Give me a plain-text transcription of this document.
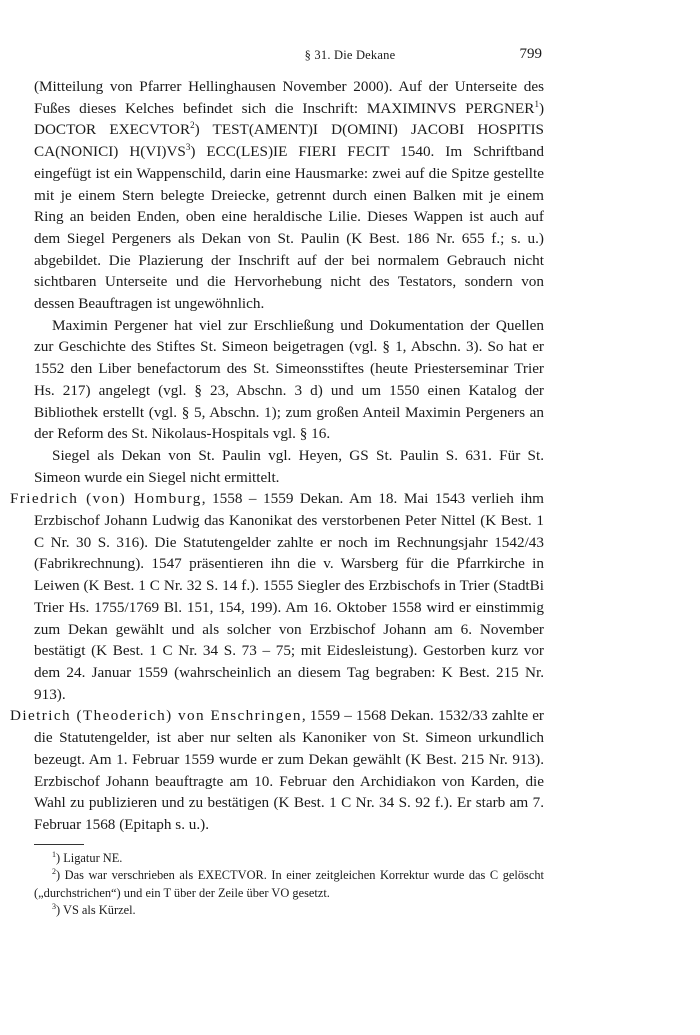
§ 31. Die Dekane	799

(Mitteilung von Pfarrer Hellinghausen November 2000). Auf der Unterseite des Fußes dieses Kelches befindet sich die Inschrift: MAXIMINVS PERGNER$^1$) DOCTOR EXECVTOR$^2$) TEST(AMENT)I D(OMINI) JACOBI HOSPITIS CA(NONICI) $H(VI)VS^3$) ECC(LES)IE FIERI FECIT 1540. Im Schriftband eingefügt ist ein Wappenschild, darin eine Hausmarke: zwei auf die Spitze gestellte mit je einem Stern belegte Dreiecke, getrennt durch einen Balken mit je einem Ring an beiden Enden, oben eine heraldische Lilie. Dieses Wappen ist auch auf dem Siegel Pergeners als Dekan von St. Paulin (K Best. 186 Nr. 655 f.; s. u.) abgebildet. Die Plazierung der Inschrift auf der bei normalem Gebrauch nicht sichtbaren Unterseite und die Hervorhebung nicht des Testators, sondern von dessen Beauftragen ist ungewöhnlich.

Maximin Pergener hat viel zur Erschließung und Dokumentation der Quellen zur Geschichte des Stiftes St. Simeon beigetragen (vgl. § 1, Abschn. 3). So hat er 1552 den Liber benefactorum des St. Simeonsstiftes (heute Priesterseminar Trier Hs. 217) angelegt (vgl. § 23, Abschn. 3 d) und um 1550 einen Katalog der Bibliothek erstellt (vgl. § 5, Abschn. 1); zum großen Anteil Maximin Pergeners an der Reform des St. Nikolaus-Hospitals vgl. § 16.

Siegel als Dekan von St. Paulin vgl. Heyen, GS St. Paulin S. 631. Für St. Simeon wurde ein Siegel nicht ermittelt.

Friedrich (von) Homburg, 1558 – 1559 Dekan. Am 18. Mai 1543 verlieh ihm Erzbischof Johann Ludwig das Kanonikat des verstorbenen Peter Nittel (K Best. 1 C Nr. 30 S. 316). Die Statutengelder zahlte er noch im Rechnungsjahr 1542/43 (Fabrikrechnung). 1547 präsentieren ihn die v. Warsberg für die Pfarrkirche in Leiwen (K Best. 1 C Nr. 32 S. 14 f.). 1555 Siegler des Erzbischofs in Trier (StadtBi Trier Hs. 1755/1769 Bl. 151, 154, 199). Am 16. Oktober 1558 wird er einstimmig zum Dekan gewählt und als solcher von Erzbischof Johann am 6. November bestätigt (K Best. 1 C Nr. 34 S. 73 – 75; mit Eidesleistung). Gestorben kurz vor dem 24. Januar 1559 (wahrscheinlich an diesem Tag begraben: K Best. 215 Nr. 913).

Dietrich (Theoderich) von Enschringen, 1559 – 1568 Dekan. 1532/33 zahlte er die Statutengelder, ist aber nur selten als Kanoniker von St. Simeon urkundlich bezeugt. Am 1. Februar 1559 wurde er zum Dekan gewählt (K Best. 215 Nr. 913). Erzbischof Johann beauftragte am 10. Februar den Archidiakon von Karden, die Wahl zu publizieren und zu bestätigen (K Best. 1 C Nr. 34 S. 92 f.). Er starb am 7. Februar 1568 (Epitaph s. u.).

$^1$) Ligatur NE.

$^2$) Das war verschrieben als EXECTVOR. In einer zeitgleichen Korrektur wurde das C gelöscht („durchstrichen“) und ein T über der Zeile über VO gesetzt.

$^3$) VS als Kürzel.
